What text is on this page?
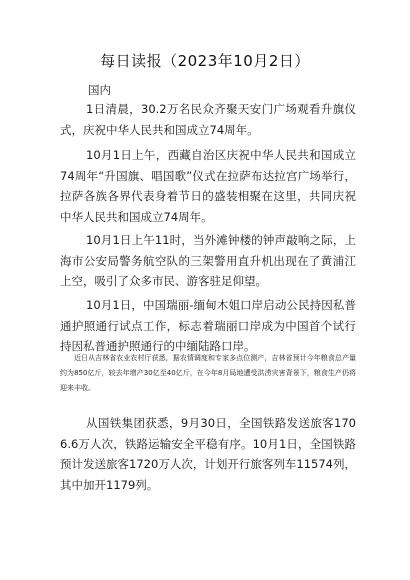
每日读报（2023年10月2日）
国内

1日清晨，30.2万名民众齐聚天安门广场观看升旗仪式，庆祝中华人民共和国成立74周年。

10月1日上午，西藏自治区庆祝中华人民共和国成立74周年“升国旗、唱国歌”仪式在拉萨布达拉宫广场举行，拉萨各族各界代表身着节日的盛装相聚在这里，共同庆祝中华人民共和国成立74周年。

10月1日上午11时，当外滩钟楼的钟声敲响之际，上海市公安局警务航空队的三架警用直升机出现在了黄浦江上空，吸引了众多市民、游客驻足仰望。

10月1日，中国瑞丽-缅甸木姐口岸启动公民持因私普通护照通行试点工作，标志着瑞丽口岸成为中国首个试行持因私普通护照通行的中缅陆路口岸。

近日从吉林省农业农村厅获悉，据农情调度和专家多点位测产，吉林省预计今年粮食总产量约为850亿斤，较去年增产30亿至40亿斤，在今年8月局地遭受洪涝灾害背景下，粮食生产仍将迎来丰收。

从国铁集团获悉，9月30日，全国铁路发送旅客1706.6万人次，铁路运输安全平稳有序。10月1日，全国铁路预计发送旅客1720万人次，计划开行旅客列车11574列，其中加开1179列。
